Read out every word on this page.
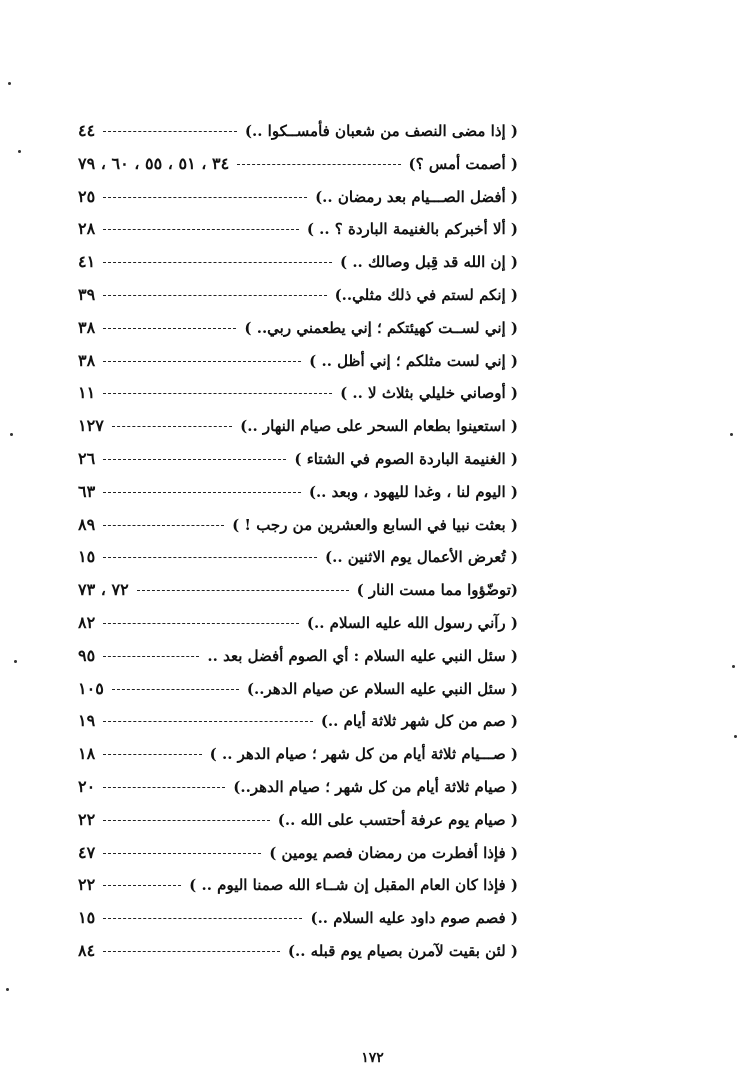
٤٤	( إذا مضى النصف من شعبان فأمســكوا ..)
٣٤ ، ٥١ ، ٥٥ ، ٦٠ ، ٧٩	( أصمت أمس ؟)
٢٥	( أفضل الصـــيام بعد رمضان ..)
٢٨	( ألا أخبركم بالغنيمة الباردة ؟ .. )
٤١	( إن الله قد قِبل وصالك .. )
٣٩	( إنكم لستم في ذلك مثلي..)
٣٨	( إني لســت كهيئتكم ؛ إني يطعمني ربي.. )
٣٨	( إني لست مثلكم ؛ إني أظل .. )
١١	( أوصاني خليلي بثلاث لا .. )
١٢٧	( استعينوا بطعام السحر على صيام النهار ..)
٢٦	( الغنيمة الباردة الصوم في الشتاء )
٦٣	( اليوم لنا ، وغدا لليهود ، وبعد ..)
٨٩	( بعثت نبيا في السابع والعشرين من رجب ! )
١٥	( تُعرض الأعمال يوم الاثنين ..)
٧٢ ، ٧٣	(توضّؤوا مما مست النار )
٨٢	( رآني رسول الله عليه السلام ..)
٩٥	( سئل النبي عليه السلام : أي الصوم أفضل بعد ..
١٠٥	( سئل النبي عليه السلام عن صيام الدهر..)
١٩	( صم من كل شهر ثلاثة أيام ..)
١٨	( صـــيام ثلاثة أيام من كل شهر ؛ صيام الدهر .. )
٢٠	( صيام ثلاثة أيام من كل شهر ؛ صيام الدهر..)
٢٢	( صيام يوم عرفة أحتسب على الله ..)
٤٧	( فإذا أفطرت من رمضان فصم يومين )
٢٢	( فإذا كان العام المقبل إن شــاء الله صمنا اليوم .. )
١٥	( فصم صوم داود عليه السلام ..)
٨٤	( لئن بقيت لآمرن بصيام يوم قبله ..)
١٧٢
